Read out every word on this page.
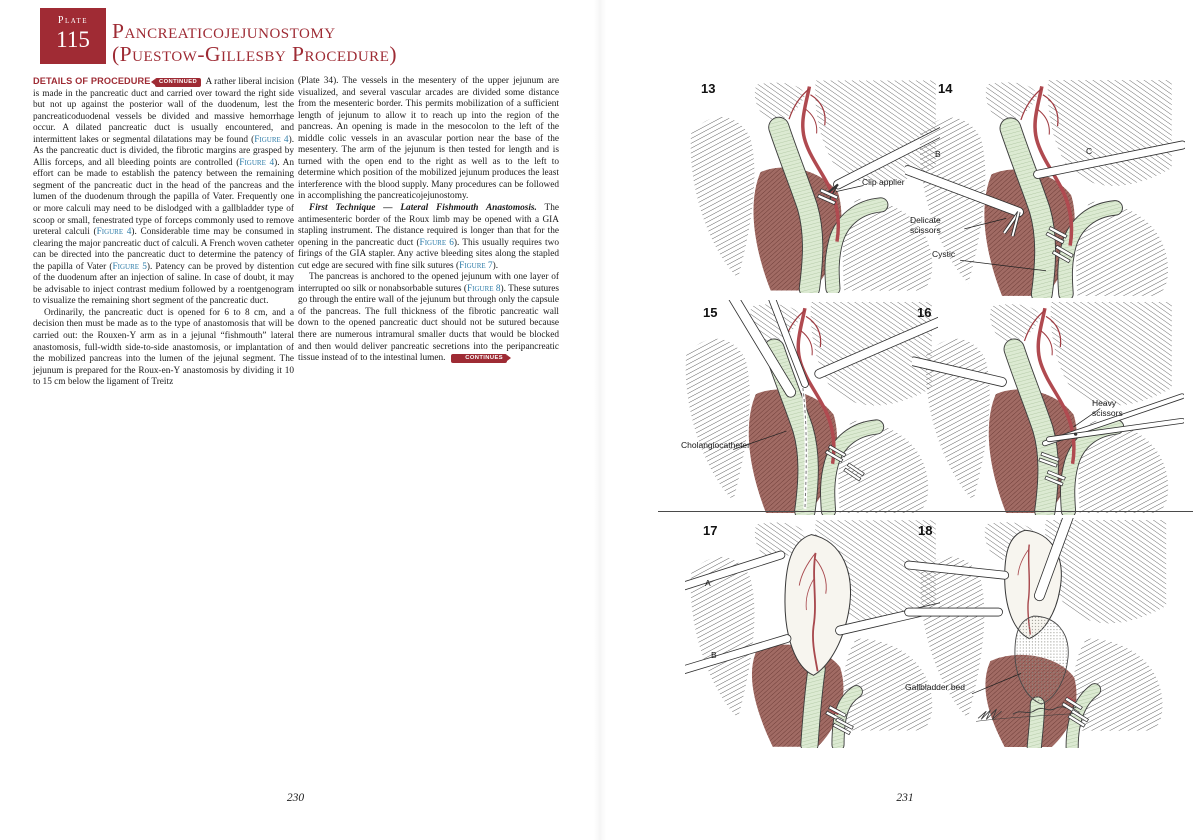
Plate
115	Pancreaticojejunostomy
(Puestow-Gillesby Procedure)

DETAILS OF PROCEDURE CONTINUED A rather liberal incision is made in the pancreatic duct and carried over toward the right side but not up against the posterior wall of the duodenum, lest the pancreaticoduodenal vessels be divided and massive hemorrhage occur. A dilated pancreatic duct is usually encountered, and intermittent lakes or segmental dilatations may be found (Figure 4). As the pancreatic duct is divided, the fibrotic margins are grasped by Allis forceps, and all bleeding points are controlled (Figure 4). An effort can be made to establish the patency between the remaining segment of the pancreatic duct in the head of the pancreas and the lumen of the duodenum through the papilla of Vater. Frequently one or more calculi may need to be dislodged with a gallbladder type of scoop or small, fenestrated type of forceps commonly used to remove ureteral calculi (Figure 4). Considerable time may be consumed in clearing the major pancreatic duct of calculi. A French woven catheter can be directed into the pancreatic duct to determine the patency of the papilla of Vater (Figure 5). Patency can be proved by distention of the duodenum after an injection of saline. In case of doubt, it may be advisable to inject contrast medium followed by a roentgenogram to visualize the remaining short segment of the pancreatic duct.

Ordinarily, the pancreatic duct is opened for 6 to 8 cm, and a decision then must be made as to the type of anastomosis that will be carried out: the Rouxen-Y arm as in a jejunal “fishmouth” lateral anastomosis, full-width side-to-side anastomosis, or implantation of the mobilized pancreas into the lumen of the jejunal segment. The jejunum is prepared for the Roux-en-Y anastomosis by dividing it 10 to 15 cm below the ligament of Treitz

(Plate 34). The vessels in the mesentery of the upper jejunum are visualized, and several vascular arcades are divided some distance from the mesenteric border. This permits mobilization of a sufficient length of jejunum to allow it to reach up into the region of the pancreas. An opening is made in the mesocolon to the left of the middle colic vessels in an avascular portion near the base of the mesentery. The arm of the jejunum is then tested for length and is turned with the open end to the right as well as to the left to determine which position of the mobilized jejunum produces the least interference with the blood supply. Many procedures can be followed in accomplishing the pancreaticojejunostomy.

First Technique — Lateral Fishmouth Anastomosis. The antimesenteric border of the Roux limb may be opened with a GIA stapling instrument. The distance required is longer than that for the opening in the pancreatic duct (Figure 6). This usually requires two firings of the GIA stapler. Any active bleeding sites along the stapled cut edge are secured with fine silk sutures (Figure 7).

The pancreas is anchored to the opened jejunum with one layer of interrupted oo silk or nonabsorbable sutures (Figure 8). These sutures go through the entire wall of the jejunum but through only the capsule of the pancreas. The full thickness of the fibrotic pancreatic wall down to the opened pancreatic duct should not be sutured because there are numerous intramural smaller ducts that would be blocked and then would deliver pancreatic secretions into the peripancreatic tissue instead of to the intestinal lumen.	CONTINUES

230
13
Clip applier
14
B	C
Delicate scissors
Cystic
15
Cholangiocatheter
16
Heavy scissors
17
A
B
18
Gallbladder bed
231
